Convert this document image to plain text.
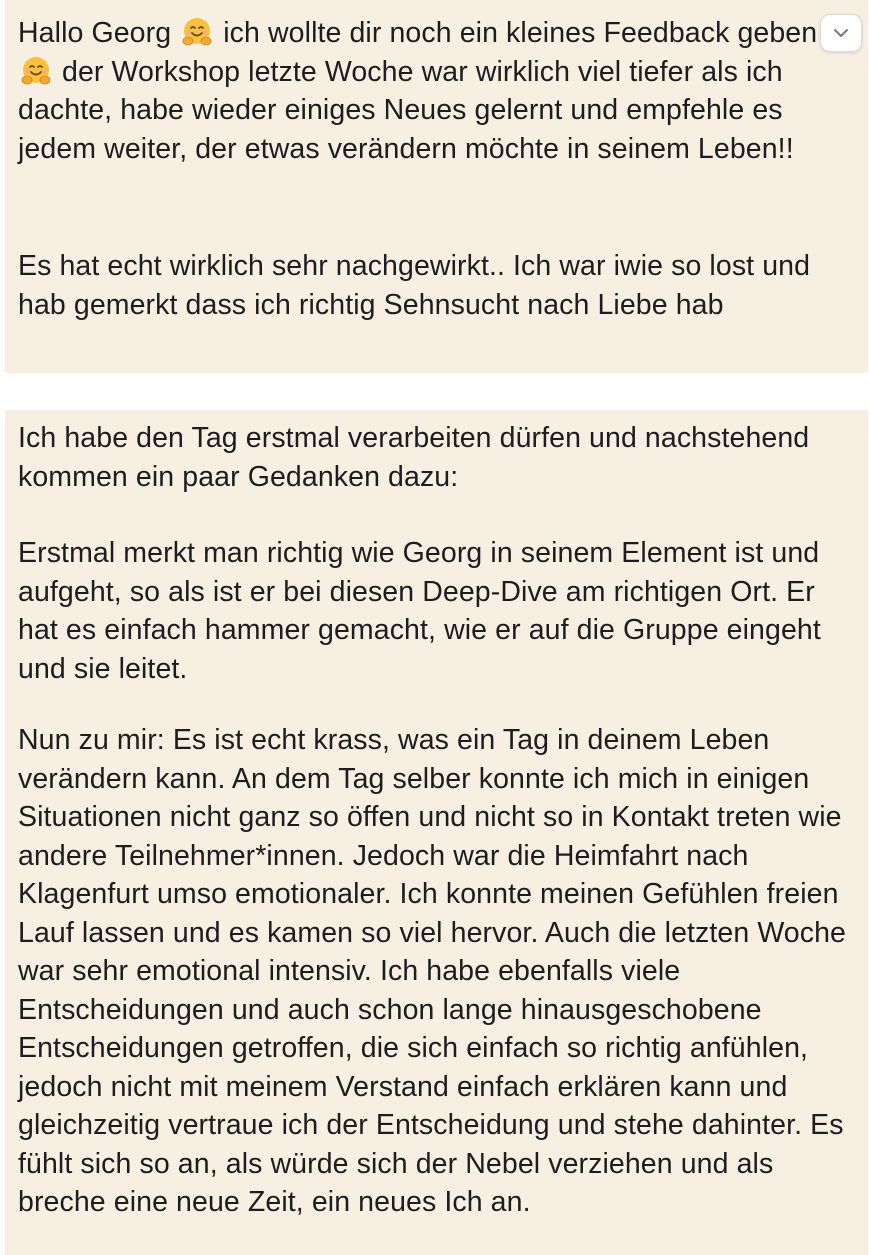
Hallo Georg ich wollte dir noch ein kleines Feedback geben  der Workshop letzte Woche war wirklich viel tiefer als ich dachte, habe wieder einiges Neues gelernt und empfehle es jedem weiter, der etwas verändern möchte in seinem Leben!!

Es hat echt wirklich sehr nachgewirkt.. Ich war iwie so lost und hab gemerkt dass ich richtig Sehnsucht nach Liebe hab

Ich habe den Tag erstmal verarbeiten dürfen und nachstehend kommen ein paar Gedanken dazu:

Erstmal merkt man richtig wie Georg in seinem Element ist und aufgeht, so als ist er bei diesen Deep-Dive am richtigen Ort. Er hat es einfach hammer gemacht, wie er auf die Gruppe eingeht und sie leitet.

Nun zu mir: Es ist echt krass, was ein Tag in deinem Leben verändern kann. An dem Tag selber konnte ich mich in einigen Situationen nicht ganz so öffen und nicht so in Kontakt treten wie andere Teilnehmer*innen. Jedoch war die Heimfahrt nach Klagenfurt umso emotionaler. Ich konnte meinen Gefühlen freien Lauf lassen und es kamen so viel hervor. Auch die letzten Woche war sehr emotional intensiv. Ich habe ebenfalls viele Entscheidungen und auch schon lange hinausgeschobene Entscheidungen getroffen, die sich einfach so richtig anfühlen, jedoch nicht mit meinem Verstand einfach erklären kann und gleichzeitig vertraue ich der Entscheidung und stehe dahinter. Es fühlt sich so an, als würde sich der Nebel verziehen und als breche eine neue Zeit, ein neues Ich an.
